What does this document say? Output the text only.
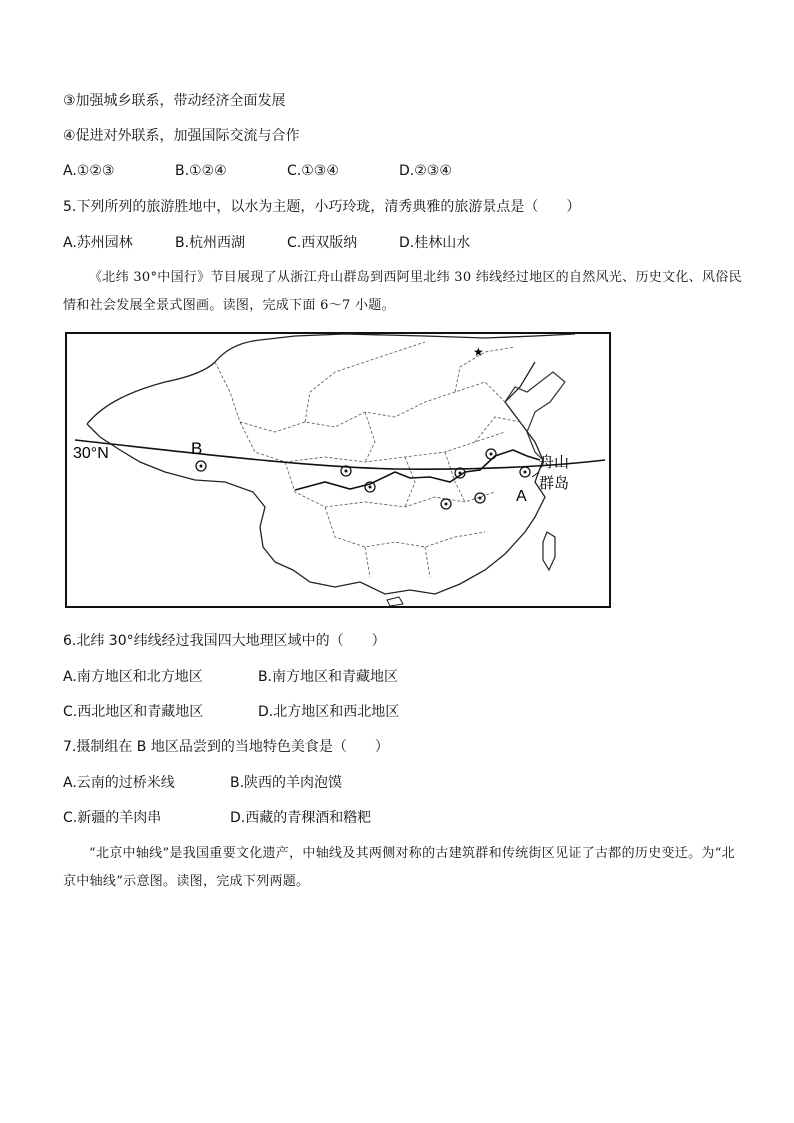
③加强城乡联系，带动经济全面发展
④促进对外联系，加强国际交流与合作
A.①②③	B.①②④	C.①③④	D.②③④
5.下列所列的旅游胜地中，以水为主题，小巧玲珑，清秀典雅的旅游景点是（　　）
A.苏州园林	B.杭州西湖	C.西双版纳	D.桂林山水
《北纬 30°中国行》节目展现了从浙江舟山群岛到西阿里北纬 30 纬线经过地区的自然风光、历史文化、风俗民情和社会发展全景式图画。读图，完成下面 6～7 小题。
30°N	B
A
舟山
群岛
★
6.北纬 30°纬线经过我国四大地理区域中的（　　）
A.南方地区和北方地区	B.南方地区和青藏地区
C.西北地区和青藏地区	D.北方地区和西北地区
7.摄制组在 B 地区品尝到的当地特色美食是（　　）
A.云南的过桥米线	B.陕西的羊肉泡馍
C.新疆的羊肉串	D.西藏的青稞酒和糌粑
“北京中轴线”是我国重要文化遗产，中轴线及其两侧对称的古建筑群和传统街区见证了古都的历史变迁。为“北京中轴线”示意图。读图，完成下列两题。
